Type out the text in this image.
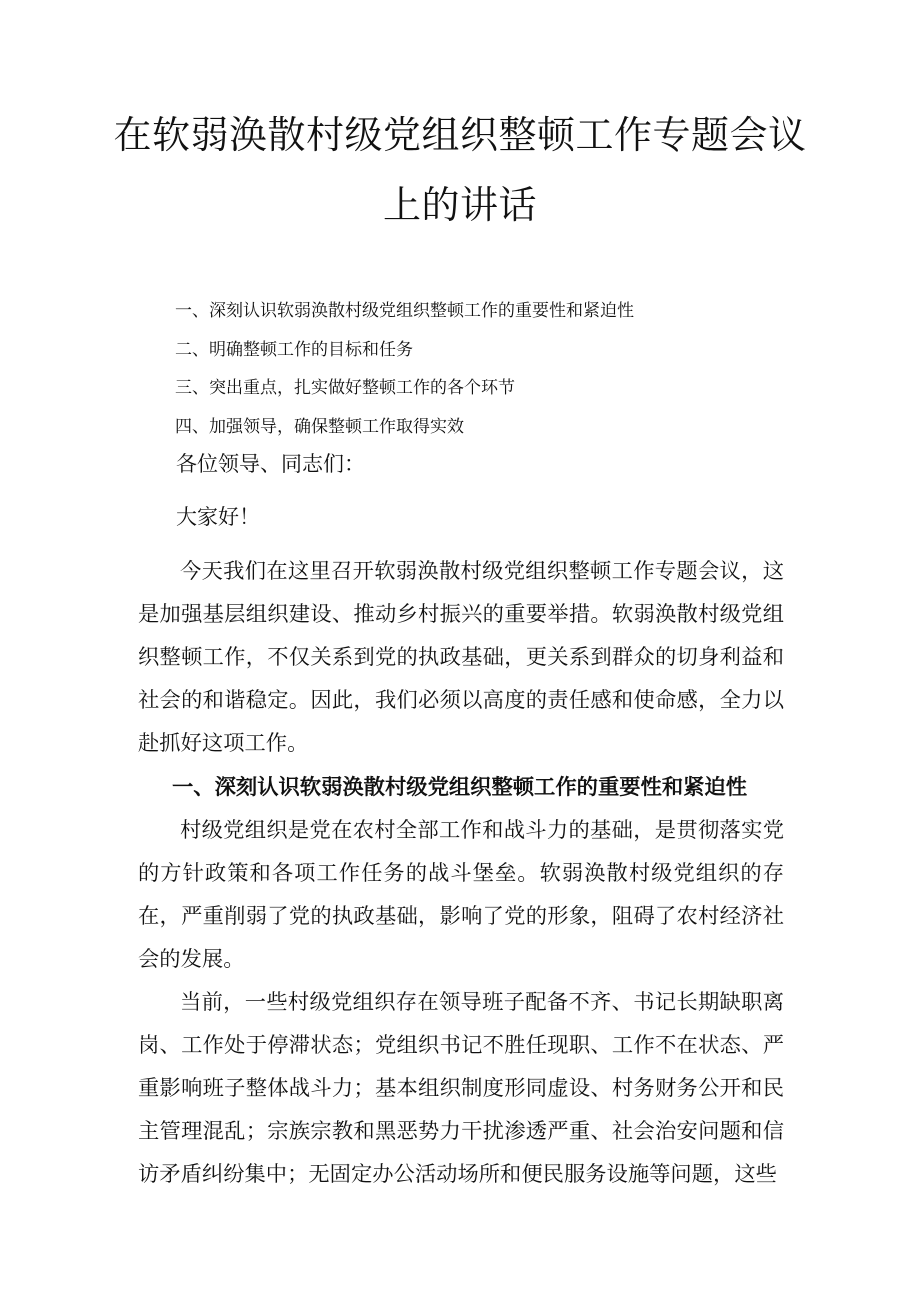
在软弱涣散村级党组织整顿工作专题会议
上的讲话
一、深刻认识软弱涣散村级党组织整顿工作的重要性和紧迫性
二、明确整顿工作的目标和任务
三、突出重点，扎实做好整顿工作的各个环节
四、加强领导，确保整顿工作取得实效

各位领导、同志们：

大家好！

今天我们在这里召开软弱涣散村级党组织整顿工作专题会议，这是加强基层组织建设、推动乡村振兴的重要举措。软弱涣散村级党组织整顿工作，不仅关系到党的执政基础，更关系到群众的切身利益和社会的和谐稳定。因此，我们必须以高度的责任感和使命感，全力以赴抓好这项工作。

一、深刻认识软弱涣散村级党组织整顿工作的重要性和紧迫性

村级党组织是党在农村全部工作和战斗力的基础，是贯彻落实党的方针政策和各项工作任务的战斗堡垒。软弱涣散村级党组织的存在，严重削弱了党的执政基础，影响了党的形象，阻碍了农村经济社会的发展。

当前，一些村级党组织存在领导班子配备不齐、书记长期缺职离岗、工作处于停滞状态；党组织书记不胜任现职、工作不在状态、严重影响班子整体战斗力；基本组织制度形同虚设、村务财务公开和民主管理混乱；宗族宗教和黑恶势力干扰渗透严重、社会治安问题和信访矛盾纠纷集中；无固定办公活动场所和便民服务设施等问题，这些
